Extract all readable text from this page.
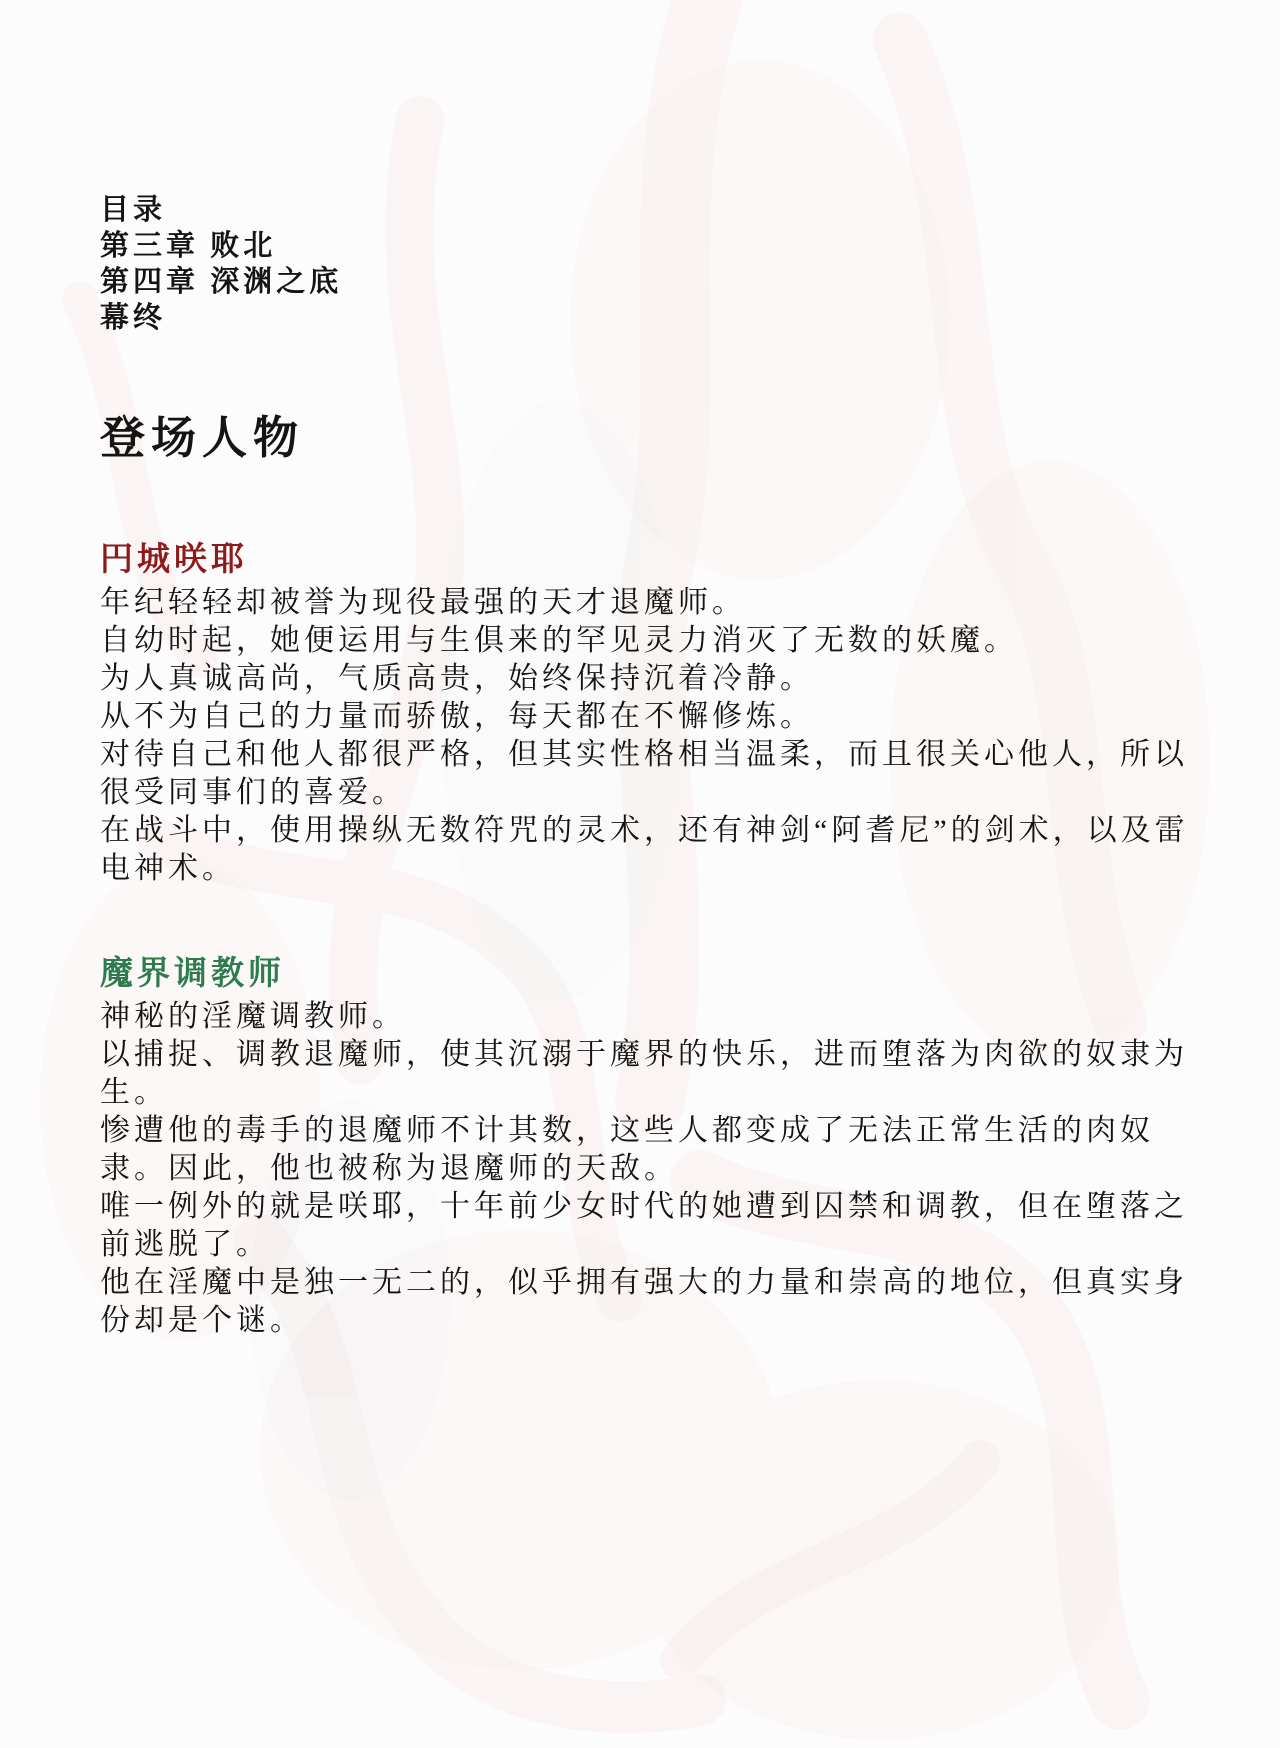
目录
第三章 败北
第四章 深渊之底
幕终
登场人物
円城咲耶

年纪轻轻却被誉为现役最强的天才退魔师。

自幼时起，她便运用与生俱来的罕见灵力消灭了无数的妖魔。

为人真诚高尚，气质高贵，始终保持沉着冷静。

从不为自己的力量而骄傲，每天都在不懈修炼。

对待自己和他人都很严格，但其实性格相当温柔，而且很关心他人，所以很受同事们的喜爱。

在战斗中，使用操纵无数符咒的灵术，还有神剑“阿耆尼”的剑术，以及雷电神术。

魔界调教师

神秘的淫魔调教师。

以捕捉、调教退魔师，使其沉溺于魔界的快乐，进而堕落为肉欲的奴隶为生。

惨遭他的毒手的退魔师不计其数，这些人都变成了无法正常生活的肉奴隶。因此，他也被称为退魔师的天敌。

唯一例外的就是咲耶，十年前少女时代的她遭到囚禁和调教，但在堕落之前逃脱了。

他在淫魔中是独一无二的，似乎拥有强大的力量和崇高的地位，但真实身份却是个谜。
